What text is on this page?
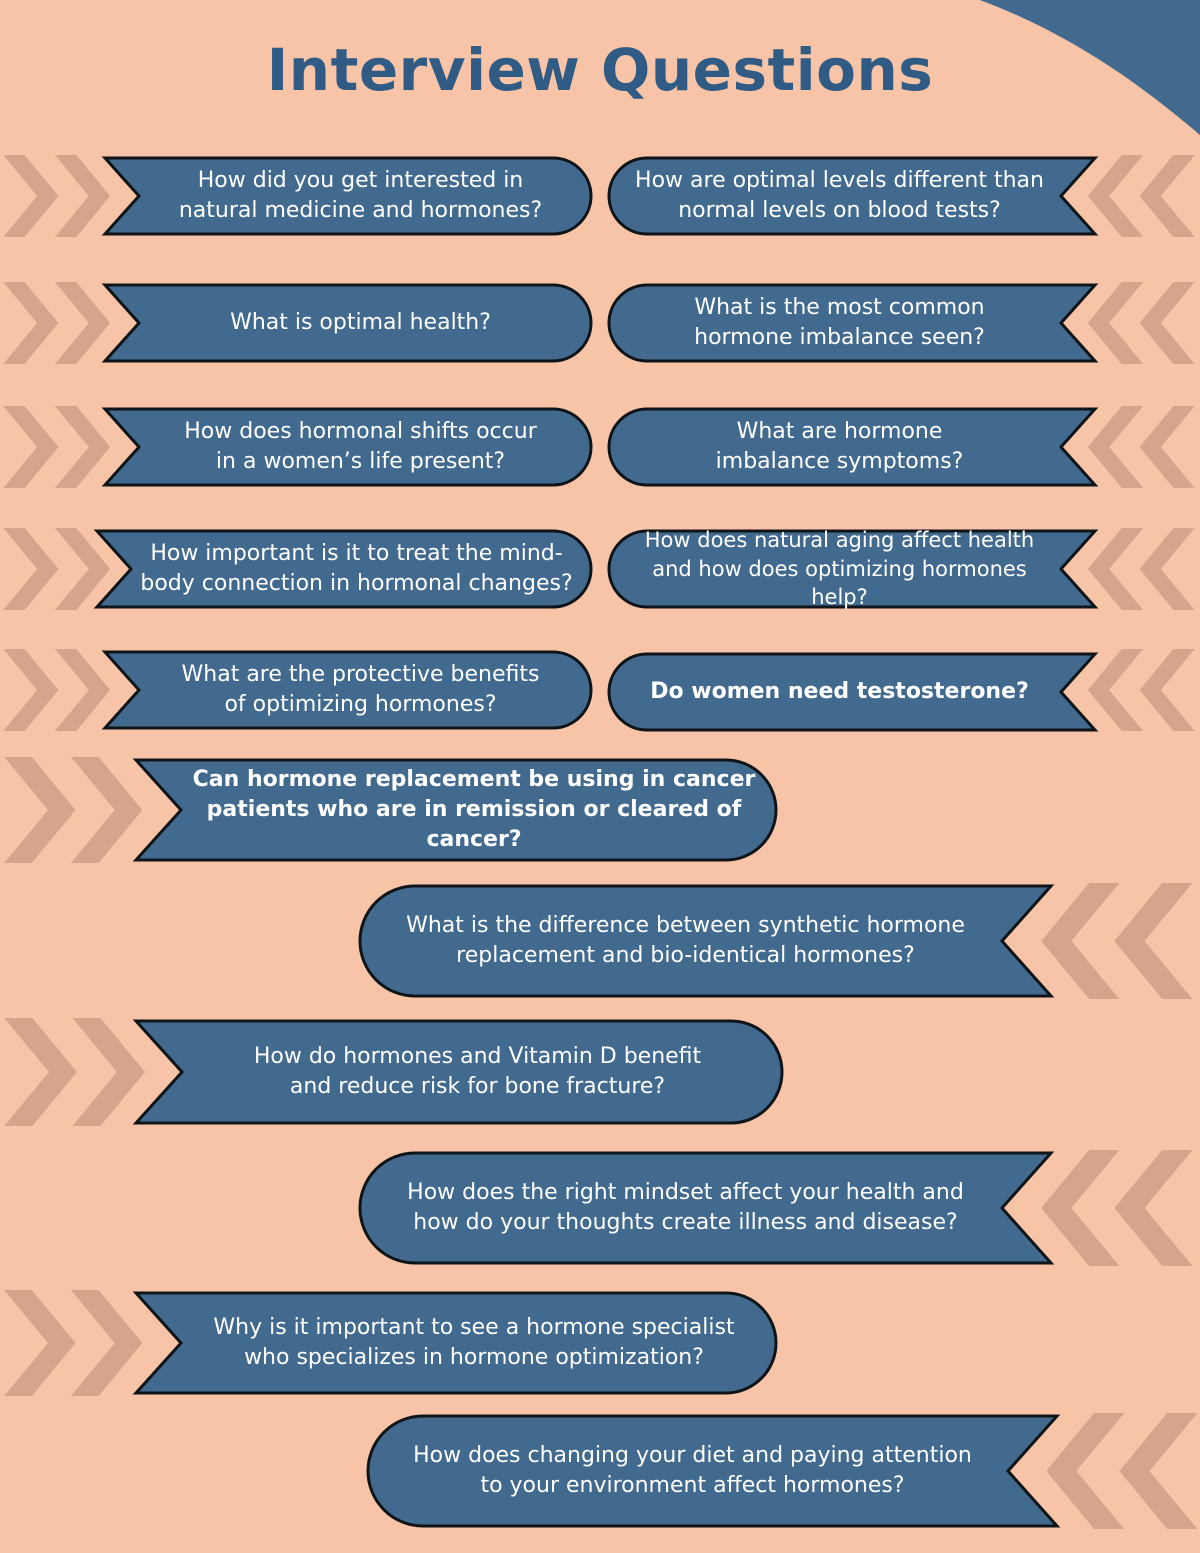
Interview Questions
How did you get interested in
natural medicine and hormones?
How are optimal levels different than
normal levels on blood tests?
What is optimal health?
What is the most common
hormone imbalance seen?
How does hormonal shifts occur
in a women’s life present?
What are hormone
imbalance symptoms?
How important is it to treat the mind-
body connection in hormonal changes?
How does natural aging affect health
and how does optimizing hormones help?
What are the protective benefits
of optimizing hormones?
Do women need testosterone?
Can hormone replacement be using in cancer
patients who are in remission or cleared of cancer?
What is the difference between synthetic hormone
replacement and bio-identical hormones?
How do hormones and Vitamin D benefit
and reduce risk for bone fracture?
How does the right mindset affect your health and
how do your thoughts create illness and disease?
Why is it important to see a hormone specialist
who specializes in hormone optimization?
How does changing your diet and paying attention
to your environment affect hormones?
